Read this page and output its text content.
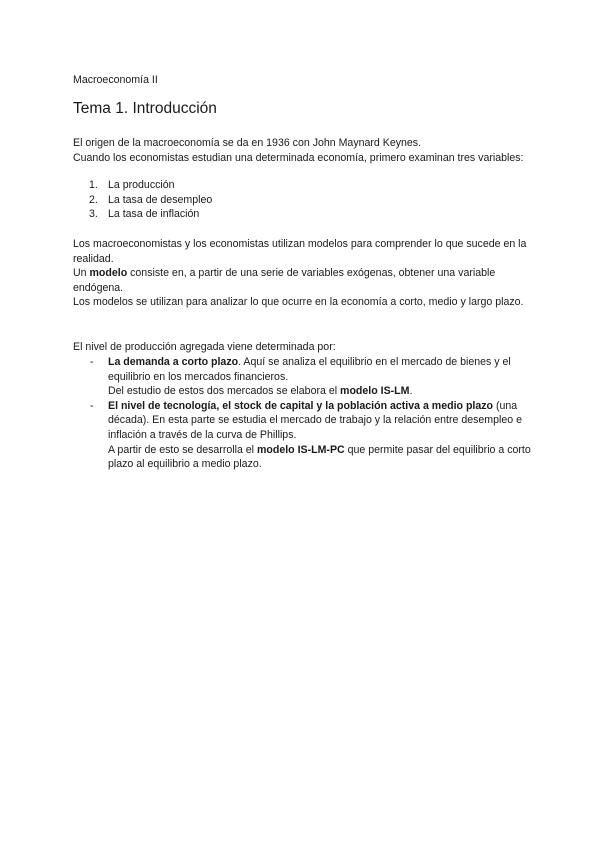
Macroeconomía II

Tema 1. Introducción

El origen de la macroeconomía se da en 1936 con John Maynard Keynes.
Cuando los economistas estudian una determinada economía, primero examinan tres variables:

1. La producción
2. La tasa de desempleo
3. La tasa de inflación

Los macroeconomistas y los economistas utilizan modelos para comprender lo que sucede en la realidad.

Un modelo consiste en, a partir de una serie de variables exógenas, obtener una variable endógena.

Los modelos se utilizan para analizar lo que ocurre en la economía a corto, medio y largo plazo.

El nivel de producción agregada viene determinada por:

- La demanda a corto plazo. Aquí se analiza el equilibrio en el mercado de bienes y el equilibrio en los mercados financieros.
Del estudio de estos dos mercados se elabora el modelo IS-LM.
- El nivel de tecnología, el stock de capital y la población activa a medio plazo (una década). En esta parte se estudia el mercado de trabajo y la relación entre desempleo e inflación a través de la curva de Phillips.
A partir de esto se desarrolla el modelo IS-LM-PC que permite pasar del equilibrio a corto plazo al equilibrio a medio plazo.
